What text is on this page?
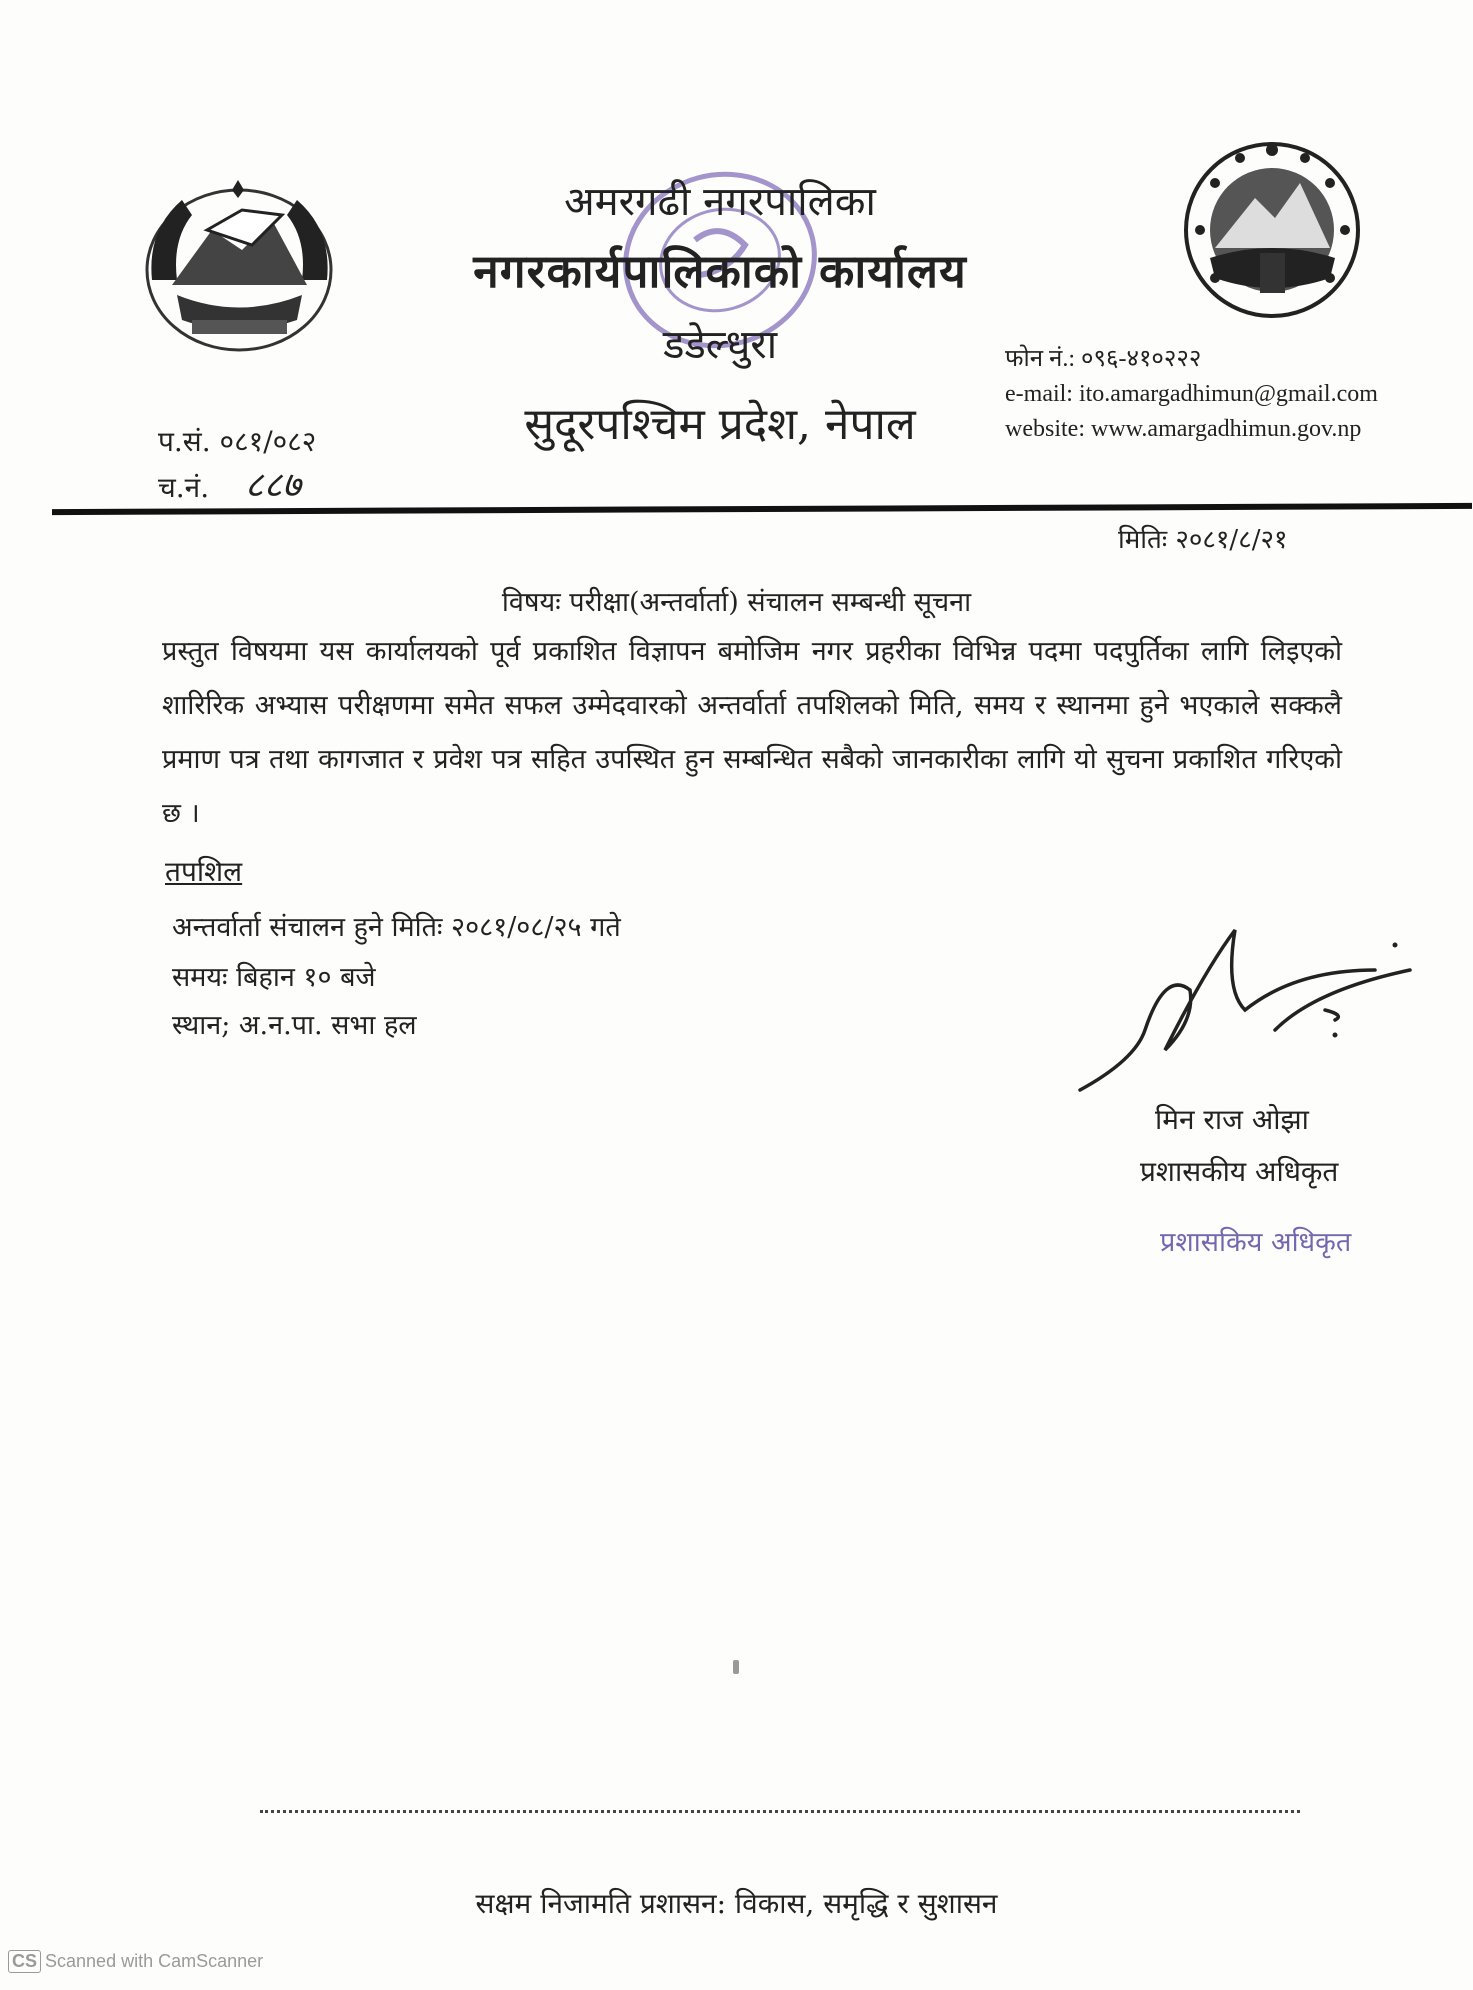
अमरगढी नगरपालिका
नगरकार्यपालिकाको कार्यालय
डडेल्धुरा
सुदूरपश्चिम प्रदेश, नेपाल
प.सं. ०८१/०८२
च.नं. ८८७
फोन नं.: ०९६-४१०२२२
e-mail: ito.amargadhimun@gmail.com
website: www.amargadhimun.gov.np
मितिः २०८१/८/२१
विषयः परीक्षा(अन्तर्वार्ता) संचालन सम्बन्धी सूचना
प्रस्तुत विषयमा यस कार्यालयको पूर्व प्रकाशित विज्ञापन बमोजिम नगर प्रहरीका विभिन्न पदमा पदपुर्तिका लागि लिइएको शारिरिक अभ्यास परीक्षणमा समेत सफल उम्मेदवारको अन्तर्वार्ता तपशिलको मिति, समय र स्थानमा हुने भएकाले सक्कलै प्रमाण पत्र तथा कागजात र प्रवेश पत्र सहित उपस्थित हुन सम्बन्धित सबैको जानकारीका लागि यो सुचना प्रकाशित गरिएको छ ।
तपशिल
अन्तर्वार्ता संचालन हुने मितिः २०८१/०८/२५ गते
समयः बिहान १० बजे
स्थान; अ.न.पा. सभा हल
मिन राज ओझा
प्रशासकीय अधिकृत
प्रशासकिय अधिकृत
सक्षम निजामति प्रशासन: विकास, समृद्धि र सुशासन
CS Scanned with CamScanner
